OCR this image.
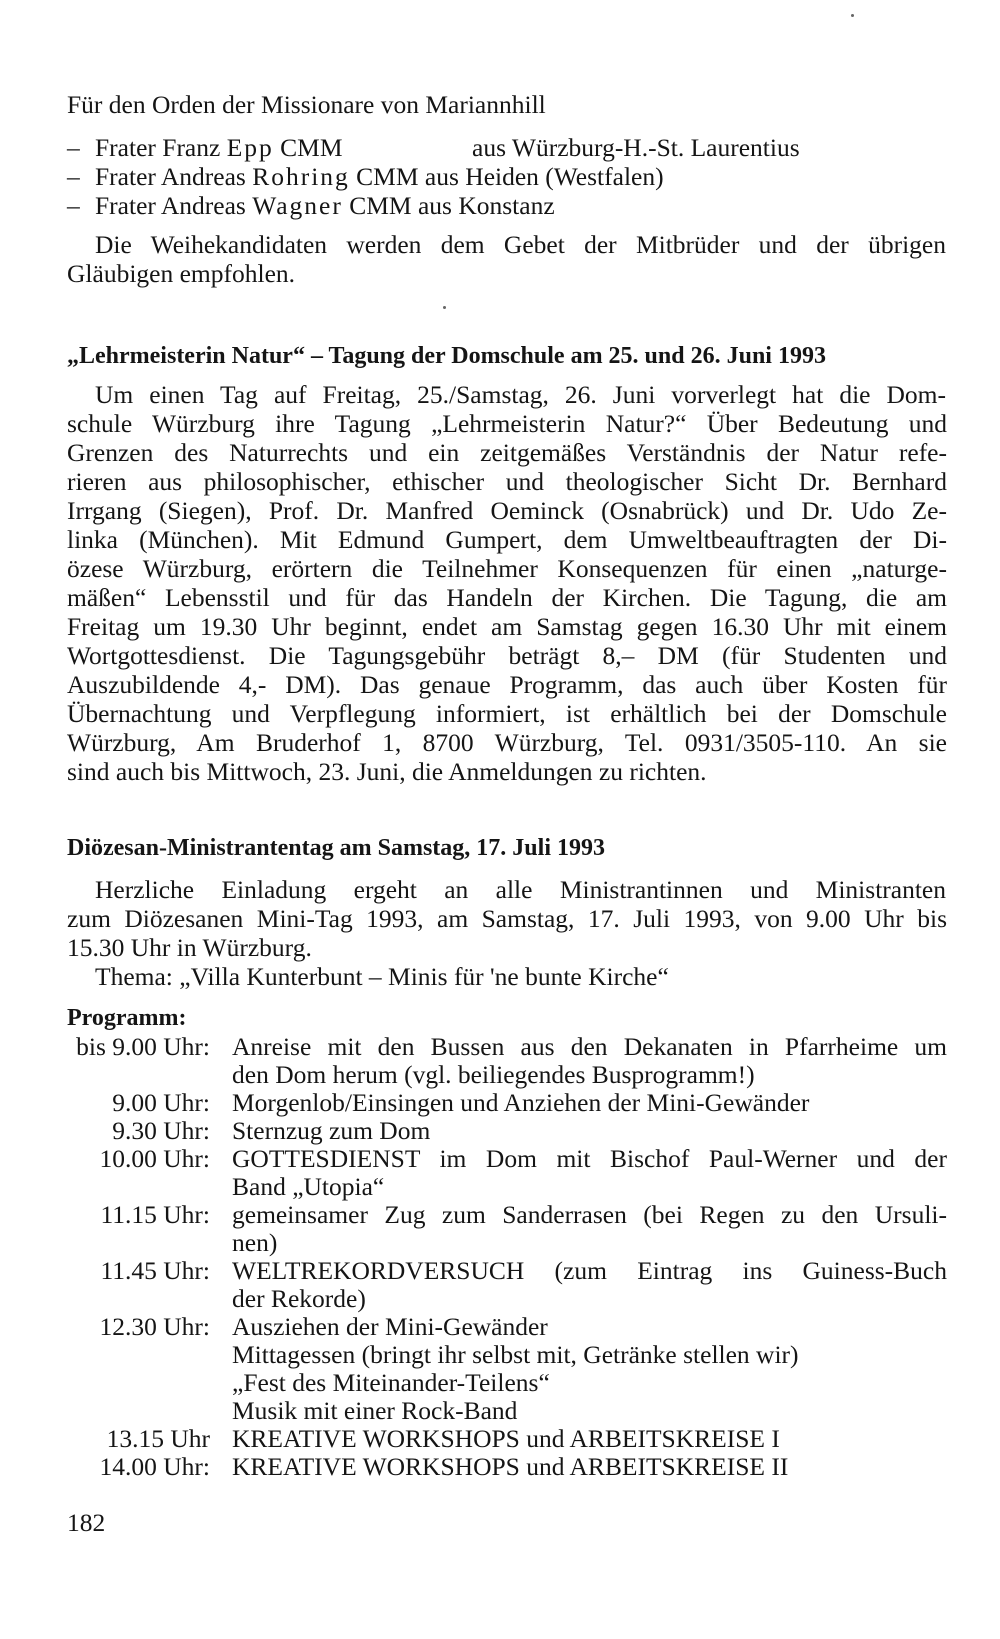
Für den Orden der Missionare von Mariannhill
– Frater Franz Epp CMM	aus Würzburg-H.-St. Laurentius
– Frater Andreas Rohring CMM aus Heiden (Westfalen)
– Frater Andreas Wagner CMM aus Konstanz
Die Weihekandidaten werden dem Gebet der Mitbrüder und der übrigen
Gläubigen empfohlen.
„Lehrmeisterin Natur“ – Tagung der Domschule am 25. und 26. Juni 1993
Diözesan-Ministrantentag am Samstag, 17. Juli 1993
Thema: „Villa Kunterbunt – Minis für 'ne bunte Kirche“
Programm:
182
Um einen Tag auf Freitag, 25./Samstag, 26. Juni vorverlegt hat die Dom-
schule Würzburg ihre Tagung „Lehrmeisterin Natur?“ Über Bedeutung und
Grenzen des Naturrechts und ein zeitgemäßes Verständnis der Natur refe-
rieren aus philosophischer, ethischer und theologischer Sicht Dr. Bernhard
Irrgang (Siegen), Prof. Dr. Manfred Oeminck (Osnabrück) und Dr. Udo Ze-
linka (München). Mit Edmund Gumpert, dem Umweltbeauftragten der Di-
özese Würzburg, erörtern die Teilnehmer Konsequenzen für einen „naturge-
mäßen“ Lebensstil und für das Handeln der Kirchen. Die Tagung, die am
Freitag um 19.30 Uhr beginnt, endet am Samstag gegen 16.30 Uhr mit einem
Wortgottesdienst. Die Tagungsgebühr beträgt 8,– DM (für Studenten und
Auszubildende 4,- DM). Das genaue Programm, das auch über Kosten für
Übernachtung und Verpflegung informiert, ist erhältlich bei der Domschule
Würzburg, Am Bruderhof 1, 8700 Würzburg, Tel. 0931/3505-110. An sie
sind auch bis Mittwoch, 23. Juni, die Anmeldungen zu richten.
Herzliche Einladung ergeht an alle Ministrantinnen und Ministranten
zum Diözesanen Mini-Tag 1993, am Samstag, 17. Juli 1993, von 9.00 Uhr bis
15.30 Uhr in Würzburg.
bis 9.00 Uhr: Anreise mit den Bussen aus den Dekanaten in Pfarrheime um
den Dom herum (vgl. beiliegendes Busprogramm!)
9.00 Uhr: Morgenlob/Einsingen und Anziehen der Mini-Gewänder
9.30 Uhr: Sternzug zum Dom
10.00 Uhr: GOTTESDIENST im Dom mit Bischof Paul-Werner und der
Band „Utopia“
11.15 Uhr: gemeinsamer Zug zum Sanderrasen (bei Regen zu den Ursuli-
nen)
11.45 Uhr: WELTREKORDVERSUCH (zum Eintrag ins Guiness-Buch
der Rekorde)
12.30 Uhr: Ausziehen der Mini-Gewänder
Mittagessen (bringt ihr selbst mit, Getränke stellen wir)
„Fest des Miteinander-Teilens“
Musik mit einer Rock-Band
13.15 Uhr KREATIVE WORKSHOPS und ARBEITSKREISE I
14.00 Uhr: KREATIVE WORKSHOPS und ARBEITSKREISE II
